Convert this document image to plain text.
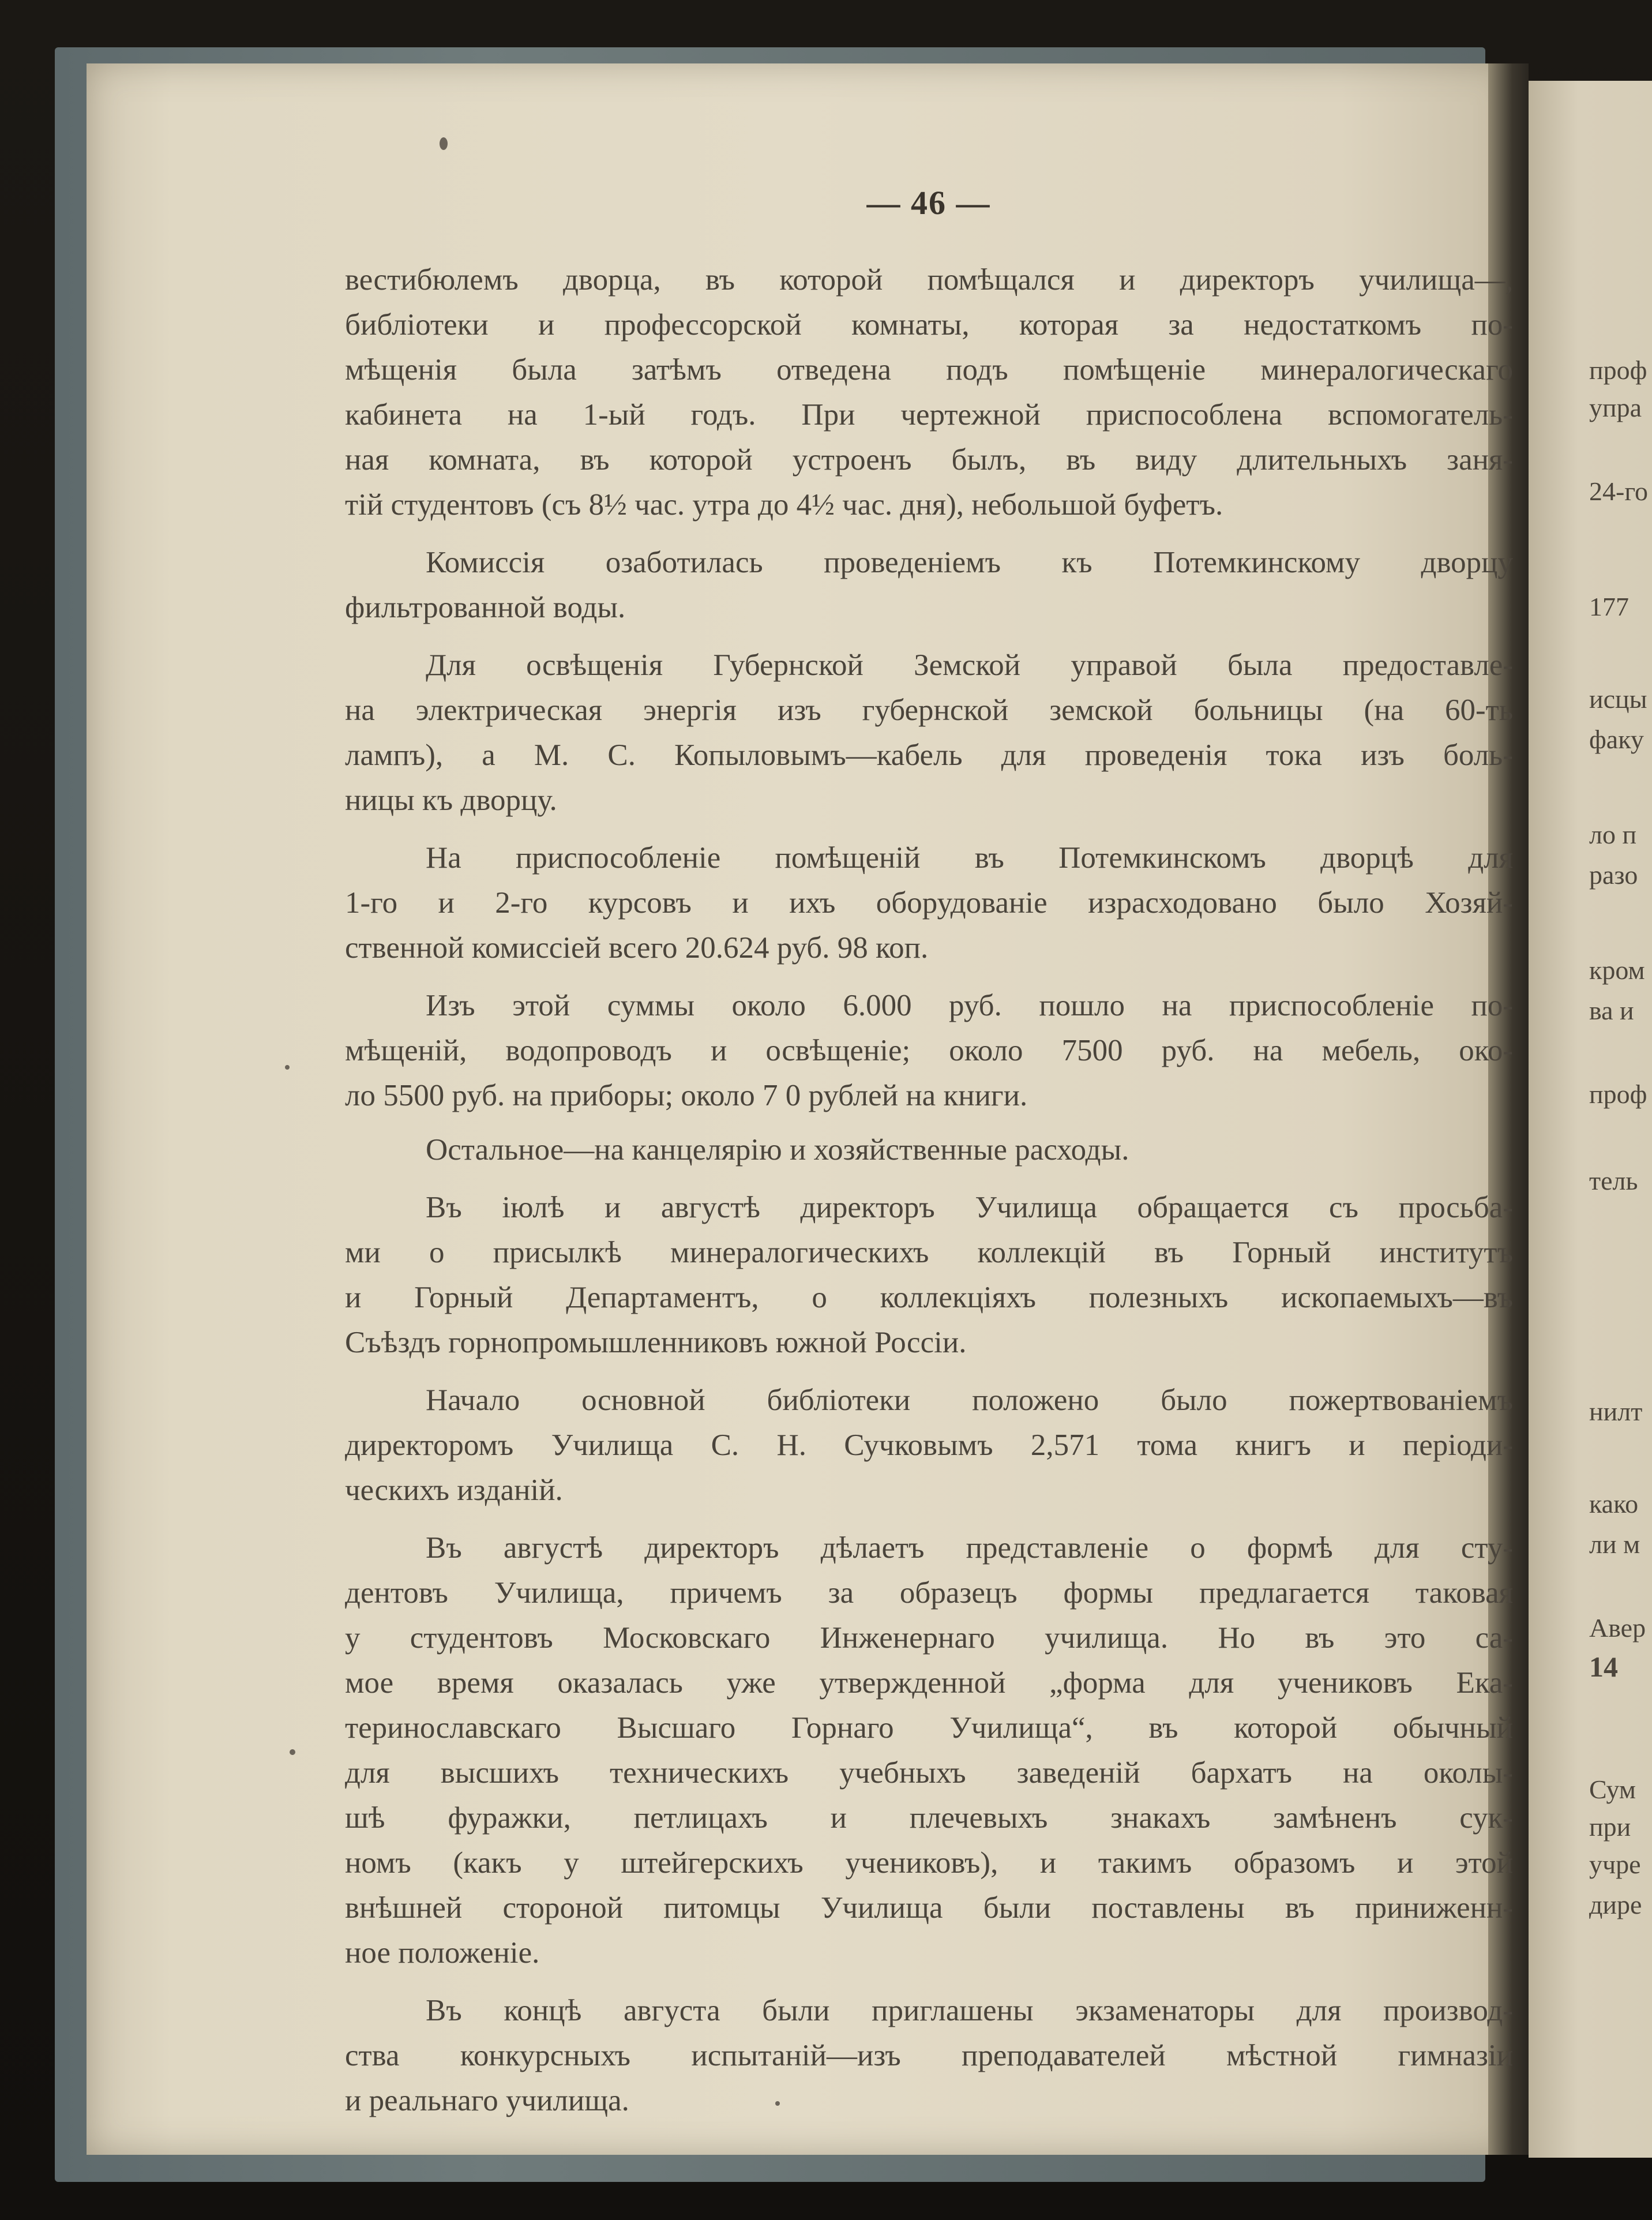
— 46 —
вестибюлемъ дворца, въ которой помѣщался и директоръ училища—,
библіотеки и профессорской комнаты, которая за недостаткомъ по-
мѣщенія была затѣмъ отведена подъ помѣщеніе минералогическаго
кабинета на 1-ый годъ. При чертежной приспособлена вспомогатель-
ная комната, въ которой устроенъ былъ, въ виду длительныхъ заня-
тій студентовъ (съ 8½ час. утра до 4½ час. дня), небольшой буфетъ.
Комиссія озаботилась проведеніемъ къ Потемкинскому дворцу
фильтрованной воды.
Для освѣщенія Губернской Земской управой была предоставле-
на электрическая энергія изъ губернской земской больницы (на 60-ть
лампъ), а М. С. Копыловымъ—кабель для проведенія тока изъ боль-
ницы къ дворцу.
На приспособленіе помѣщеній въ Потемкинскомъ дворцѣ для
1-го и 2-го курсовъ и ихъ оборудованіе израсходовано было Хозяй-
ственной комиссіей всего 20.624 руб. 98 коп.
Изъ этой суммы около 6.000 руб. пошло на приспособленіе по-
мѣщеній, водопроводъ и освѣщеніе; около 7500 руб. на мебель, око-
ло 5500 руб. на приборы; около 7 0 рублей на книги.
Остальное—на канцелярію и хозяйственные расходы.
Въ іюлѣ и августѣ директоръ Училища обращается съ просьба-
ми о присылкѣ минералогическихъ коллекцій въ Горный институтъ
и Горный Департаментъ, о коллекціяхъ полезныхъ ископаемыхъ—въ
Съѣздъ горнопромышленниковъ южной Россіи.
Начало основной библіотеки положено было пожертвованіемъ
директоромъ Училища С. Н. Сучковымъ 2,571 тома книгъ и періоди-
ческихъ изданій.
Въ августѣ директоръ дѣлаетъ представленіе о формѣ для сту-
дентовъ Училища, причемъ за образецъ формы предлагается таковая
у студентовъ Московскаго Инженернаго училища. Но въ это са-
мое время оказалась уже утвержденной „форма для учениковъ Ека-
теринославскаго Высшаго Горнаго Училища“, въ которой обычный
для высшихъ техническихъ учебныхъ заведеній бархатъ на околы-
шѣ фуражки, петлицахъ и плечевыхъ знакахъ замѣненъ сук-
номъ (какъ у штейгерскихъ учениковъ), и такимъ образомъ и этой
внѣшней стороной питомцы Училища были поставлены въ приниженн-
ное положеніе.
Въ концѣ августа были приглашены экзаменаторы для производ-
ства конкурсныхъ испытаній—изъ преподавателей мѣстной гимназіи
и реальнаго училища.
проф
упра
24-го
177
исцы
факу
ло п
разо
кром
ва и
проф
тель
нилт
како
ли м
Авер
14
Сум
при
учре
дире
